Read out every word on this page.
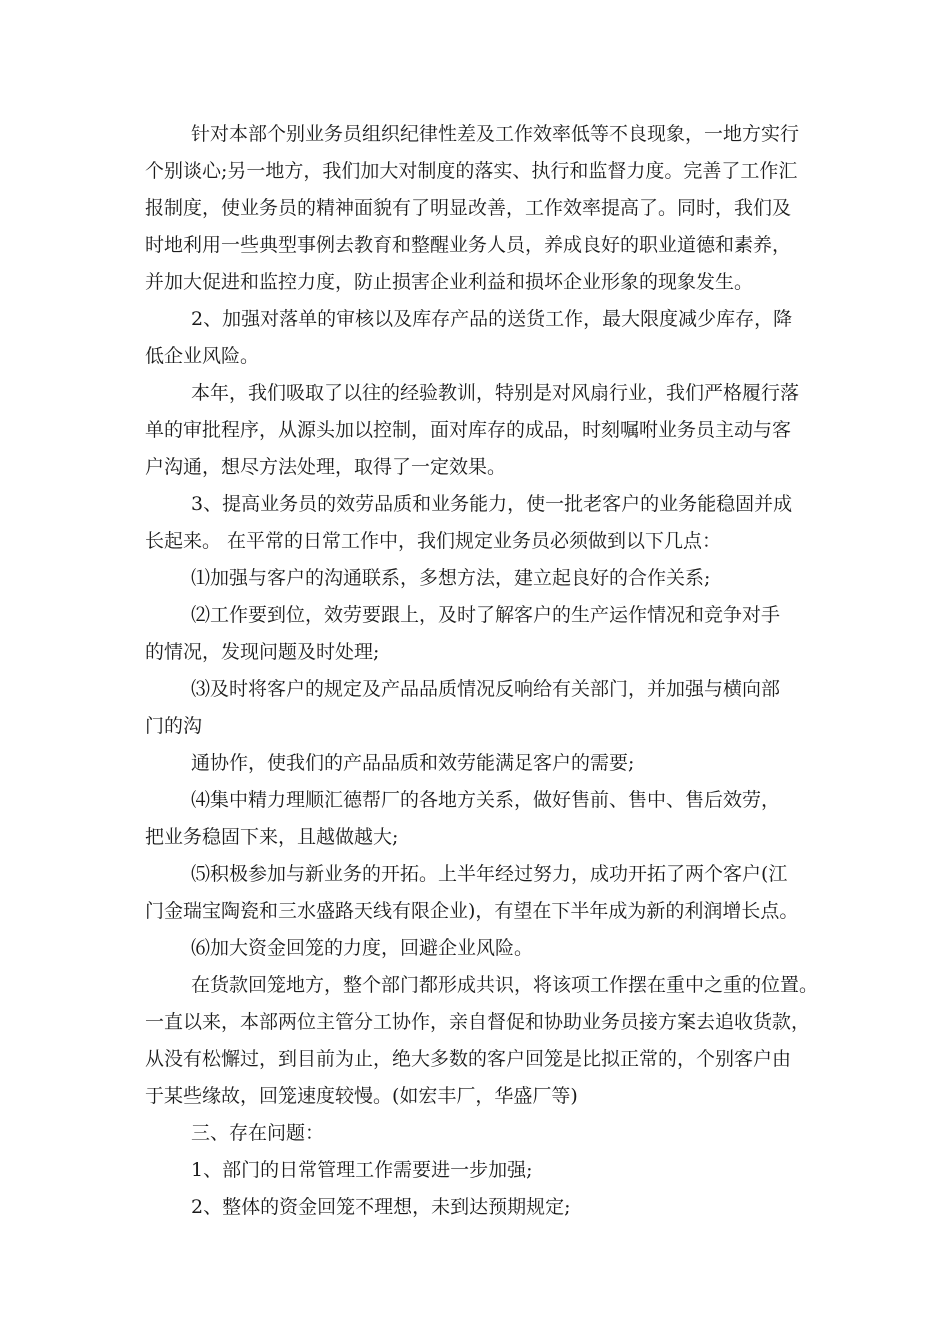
针对本部个别业务员组织纪律性差及工作效率低等不良现象，一地方实行
个别谈心;另一地方，我们加大对制度的落实、执行和监督力度。完善了工作汇
报制度，使业务员的精神面貌有了明显改善，工作效率提高了。同时，我们及
时地利用一些典型事例去教育和整醒业务人员，养成良好的职业道德和素养，
并加大促进和监控力度，防止损害企业利益和损坏企业形象的现象发生。
2、加强对落单的审核以及库存产品的送货工作，最大限度减少库存，降
低企业风险。
本年，我们吸取了以往的经验教训，特别是对风扇行业，我们严格履行落
单的审批程序，从源头加以控制，面对库存的成品，时刻嘱咐业务员主动与客
户沟通，想尽方法处理，取得了一定效果。
3、提高业务员的效劳品质和业务能力，使一批老客户的业务能稳固并成
长起来。 在平常的日常工作中，我们规定业务员必须做到以下几点：
⑴加强与客户的沟通联系，多想方法，建立起良好的合作关系;
⑵工作要到位，效劳要跟上，及时了解客户的生产运作情况和竞争对手
的情况，发现问题及时处理;
⑶及时将客户的规定及产品品质情况反响给有关部门，并加强与横向部
门的沟
通协作，使我们的产品品质和效劳能满足客户的需要;
⑷集中精力理顺汇德帮厂的各地方关系，做好售前、售中、售后效劳，
把业务稳固下来，且越做越大;
⑸积极参加与新业务的开拓。上半年经过努力，成功开拓了两个客户(江
门金瑞宝陶瓷和三水盛路天线有限企业)，有望在下半年成为新的利润增长点。
⑹加大资金回笼的力度，回避企业风险。
在货款回笼地方，整个部门都形成共识，将该项工作摆在重中之重的位置。
一直以来，本部两位主管分工协作，亲自督促和协助业务员接方案去追收货款，
从没有松懈过，到目前为止，绝大多数的客户回笼是比拟正常的，个别客户由
于某些缘故，回笼速度较慢。(如宏丰厂，华盛厂等)
三、存在问题：
1、部门的日常管理工作需要进一步加强;
2、整体的资金回笼不理想，未到达预期规定;
